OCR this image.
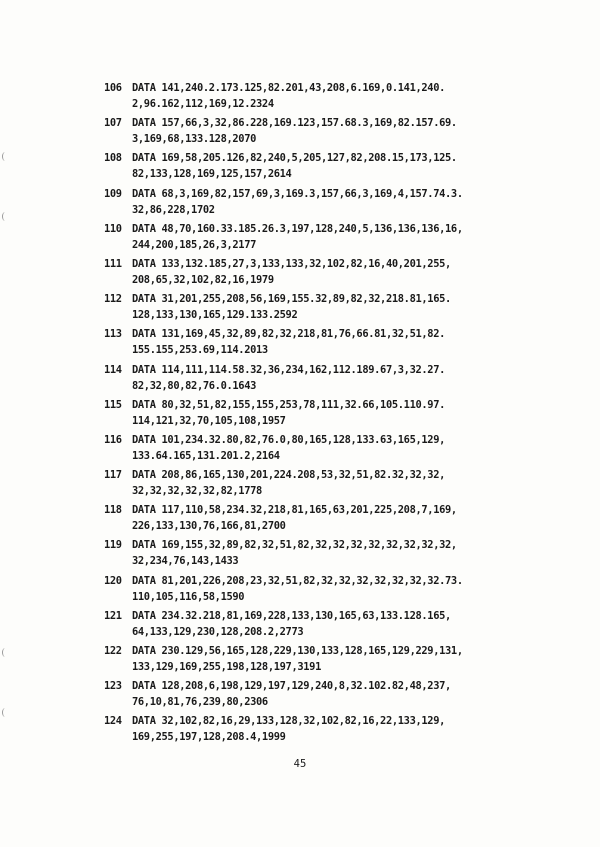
106 DATA 141,240.2.173.125,82.201,43,208,6.169,0.141,240.
2,96.162,112,169,12.2324
107 DATA 157,66,3,32,86.228,169.123,157.68.3,169,82.157.69.
3,169,68,133.128,2070
108 DATA 169,58,205.126,82,240,5,205,127,82,208.15,173,125.
82,133,128,169,125,157,2614
109 DATA 68,3,169,82,157,69,3,169.3,157,66,3,169,4,157.74.3.
32,86,228,1702
110 DATA 48,70,160.33.185.26.3,197,128,240,5,136,136,136,16,
244,200,185,26,3,2177
111 DATA 133,132.185,27,3,133,133,32,102,82,16,40,201,255,
208,65,32,102,82,16,1979
112 DATA 31,201,255,208,56,169,155.32,89,82,32,218.81,165.
128,133,130,165,129.133.2592
113 DATA 131,169,45,32,89,82,32,218,81,76,66.81,32,51,82.
155.155,253.69,114.2013
114 DATA 114,111,114.58.32,36,234,162,112.189.67,3,32.27.
82,32,80,82,76.0.1643
115 DATA 80,32,51,82,155,155,253,78,111,32.66,105.110.97.
114,121,32,70,105,108,1957
116 DATA 101,234.32.80,82,76.0,80,165,128,133.63,165,129,
133.64.165,131.201.2,2164
117 DATA 208,86,165,130,201,224.208,53,32,51,82.32,32,32,
32,32,32,32,32,82,1778
118 DATA 117,110,58,234.32,218,81,165,63,201,225,208,7,169,
226,133,130,76,166,81,2700
119 DATA 169,155,32,89,82,32,51,82,32,32,32,32,32,32,32,32,
32,234,76,143,1433
120 DATA 81,201,226,208,23,32,51,82,32,32,32,32,32,32,32.73.
110,105,116,58,1590
121 DATA 234.32.218,81,169,228,133,130,165,63,133.128.165,
64,133,129,230,128,208.2,2773
122 DATA 230.129,56,165,128,229,130,133,128,165,129,229,131,
133,129,169,255,198,128,197,3191
123 DATA 128,208,6,198,129,197,129,240,8,32.102.82,48,237,
76,10,81,76,239,80,2306
124 DATA 32,102,82,16,29,133,128,32,102,82,16,22,133,129,
169,255,197,128,208.4,1999
45
